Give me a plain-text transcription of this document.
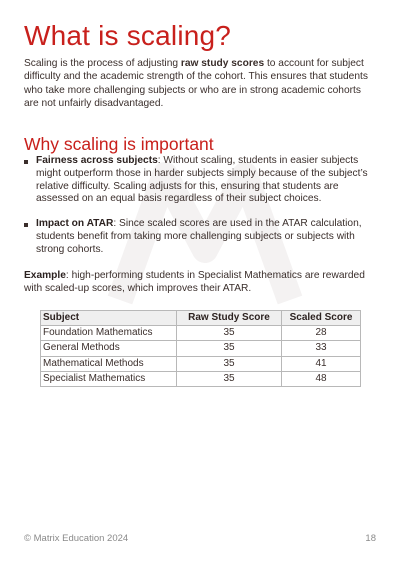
What is scaling?

Scaling is the process of adjusting raw study scores to account for subject difficulty and the academic strength of the cohort. This ensures that students who take more challenging subjects or who are in strong academic cohorts are not unfairly disadvantaged.

Why scaling is important
Fairness across subjects: Without scaling, students in easier subjects might outperform those in harder subjects simply because of the subject’s relative difficulty. Scaling adjusts for this, ensuring that students are assessed on an equal basis regardless of their subject choices.
Impact on ATAR: Since scaled scores are used in the ATAR calculation, students benefit from taking more challenging subjects or subjects with strong cohorts.

Example: high-performing students in Specialist Mathematics are rewarded with scaled-up scores, which improves their ATAR.

Subject	Raw Study Score	Scaled Score
Foundation Mathematics	35	28
General Methods	35	33
Mathematical Methods	35	41
Specialist Mathematics	35	48
© Matrix Education 2024	18
